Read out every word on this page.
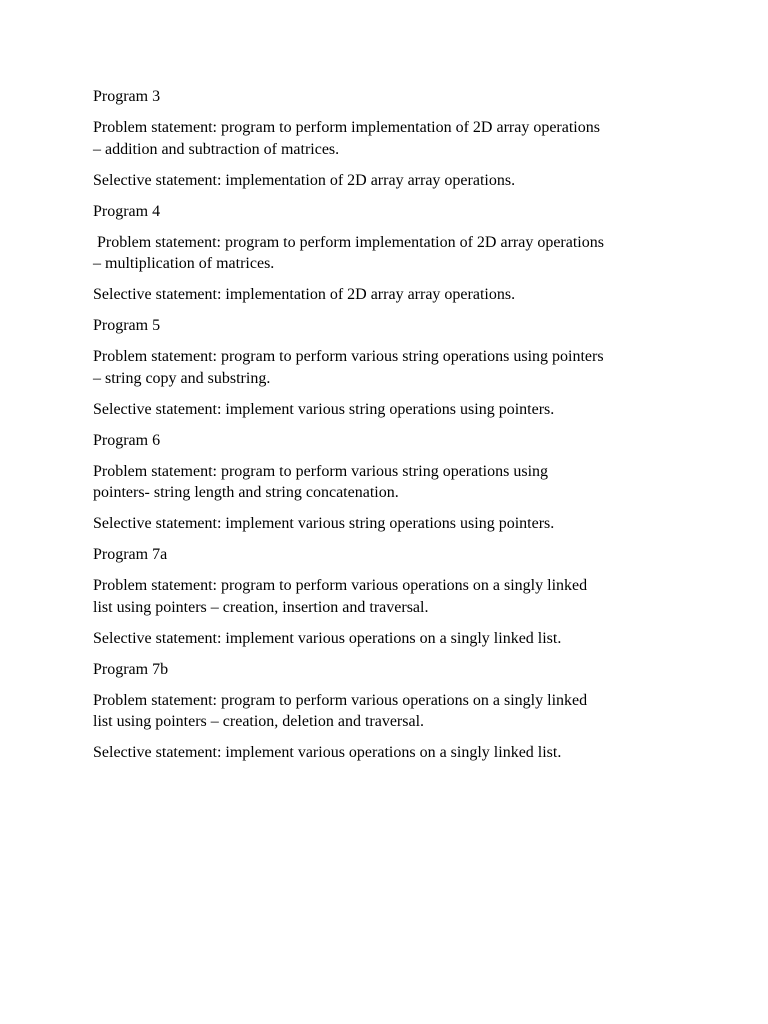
Program 3

Problem statement: program to perform implementation of 2D array operations
– addition and subtraction of matrices.

Selective statement: implementation of 2D array array operations.

Program 4

Problem statement: program to perform implementation of 2D array operations
– multiplication of matrices.

Selective statement: implementation of 2D array array operations.

Program 5

Problem statement: program to perform various string operations using pointers
– string copy and substring.

Selective statement: implement various string operations using pointers.

Program 6

Problem statement: program to perform various string operations using
pointers- string length and string concatenation.

Selective statement: implement various string operations using pointers.

Program 7a

Problem statement: program to perform various operations on a singly linked
list using pointers – creation, insertion and traversal.

Selective statement: implement various operations on a singly linked list.

Program 7b

Problem statement: program to perform various operations on a singly linked
list using pointers – creation, deletion and traversal.

Selective statement: implement various operations on a singly linked list.
